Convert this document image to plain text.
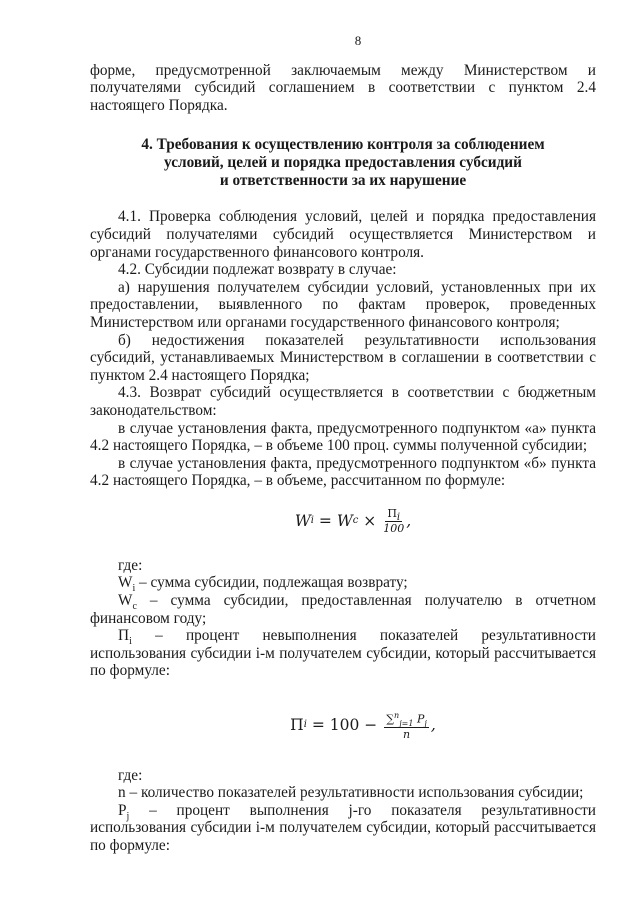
8

форме, предусмотренной заключаемым между Министерством и

получателями субсидий соглашением в соответствии с пунктом 2.4

настоящего Порядка.

4. Требования к осуществлению контроля за соблюдением
условий, целей и порядка предоставления субсидий
и ответственности за их нарушение

4.1. Проверка соблюдения условий, целей и порядка предоставления субсидий получателями субсидий осуществляется Министерством и органами государственного финансового контроля.

4.2. Субсидии подлежат возврату в случае:

а) нарушения получателем субсидии условий, установленных при их предоставлении, выявленного по фактам проверок, проведенных Министерством или органами государственного финансового контроля;

б) недостижения показателей результативности использования субсидий, устанавливаемых Министерством в соглашении в соответствии с пунктом 2.4 настоящего Порядка;

4.3. Возврат субсидий осуществляется в соответствии с бюджетным законодательством:

в случае установления факта, предусмотренного подпунктом «а» пункта 4.2 настоящего Порядка, – в объеме 100 проц. суммы полученной субсидии;

в случае установления факта, предусмотренного подпунктом «б» пункта 4.2 настоящего Порядка, – в объеме, рассчитанном по формуле:

W i = W $c \times \frac{П_i}{100}$ ,

где:

$W_i$ – сумма субсидии, подлежащая возврату;

$W_c$ – сумма субсидии, предоставленная получателю в отчетном финансовом году;

$П_i$ – процент невыполнения показателей результативности использования субсидии i-м получателем субсидии, который рассчитывается по формуле:

П $i = 100 - \frac{\sum^n_{j=1} P_j}{n}$ ,

где:

n – количество показателей результативности использования субсидии;

$P_j$ – процент выполнения j-го показателя результативности использования субсидии i-м получателем субсидии, который рассчитывается по формуле:
